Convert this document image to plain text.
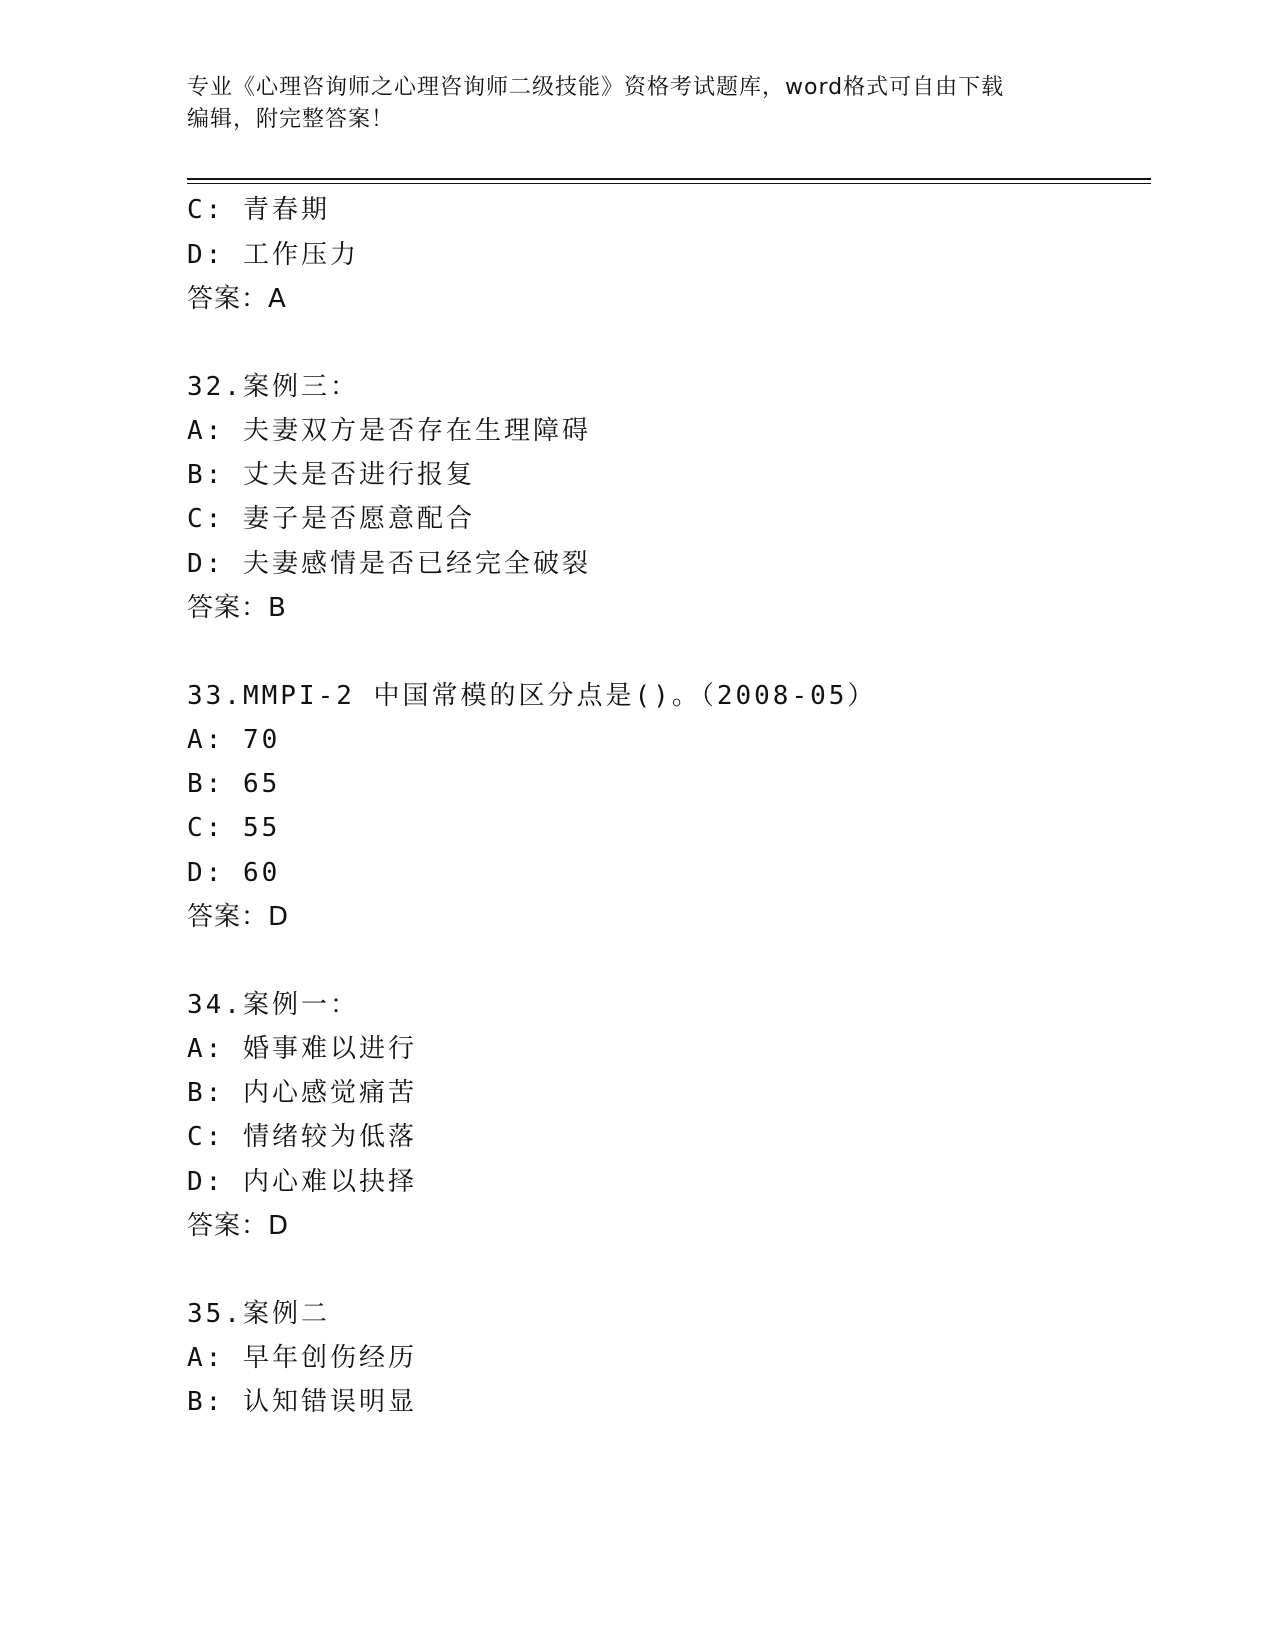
专业《心理咨询师之心理咨询师二级技能》资格考试题库，word格式可自由下载
编辑，附完整答案！
C: 青春期
D: 工作压力
答案：A
32.案例三：
A: 夫妻双方是否存在生理障碍
B: 丈夫是否进行报复
C: 妻子是否愿意配合
D: 夫妻感情是否已经完全破裂
答案：B
33.MMPI-2 中国常模的区分点是()。（2008-05）
A: 70
B: 65
C: 55
D: 60
答案：D
34.案例一：
A: 婚事难以进行
B: 内心感觉痛苦
C: 情绪较为低落
D: 内心难以抉择
答案：D
35.案例二
A: 早年创伤经历
B: 认知错误明显
